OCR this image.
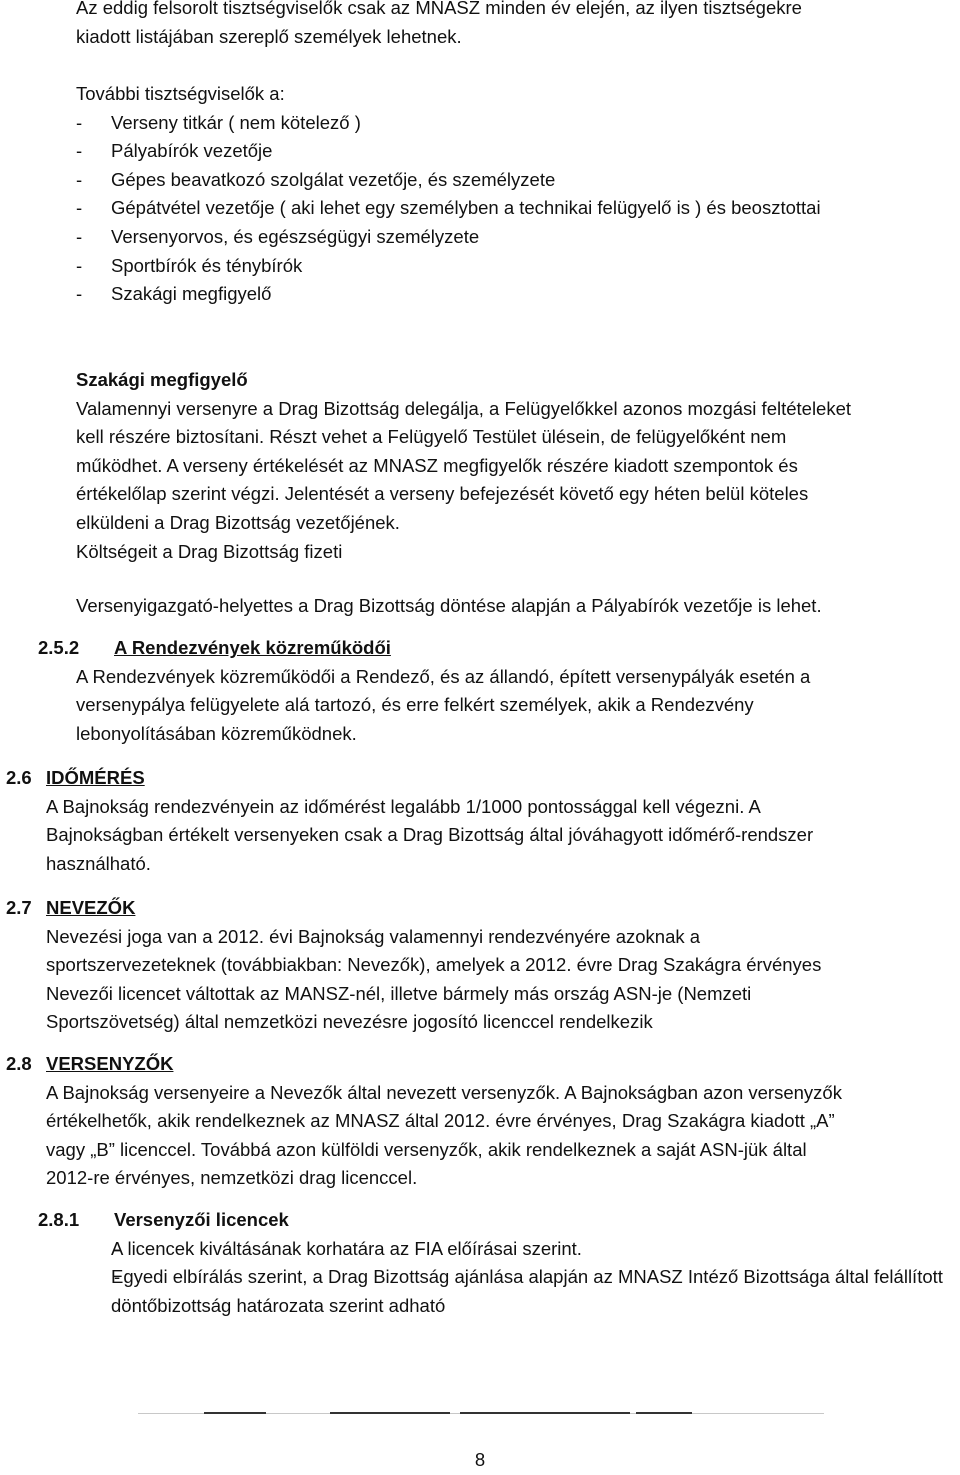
Az eddig felsorolt tisztségviselők csak az MNASZ minden év elején, az ilyen tisztségekre

kiadott listájában szereplő személyek lehetnek.

További tisztségviselők a:

- Verseny titkár ( nem kötelező )
- Pályabírók vezetője
- Gépes beavatkozó szolgálat vezetője, és személyzete
- Gépátvétel vezetője ( aki lehet egy személyben a technikai felügyelő is ) és beosztottai
- Versenyorvos, és egészségügyi személyzete
- Sportbírók és ténybírók
- Szakági megfigyelő

Szakági megfigyelő

Valamennyi versenyre a Drag Bizottság delegálja, a Felügyelőkkel azonos mozgási feltételeket

kell részére biztosítani. Részt vehet a Felügyelő Testület ülésein, de felügyelőként nem

működhet. A verseny értékelését az MNASZ megfigyelők részére kiadott szempontok és

értékelőlap szerint végzi. Jelentését a verseny befejezését követő egy héten belül köteles

elküldeni a Drag Bizottság vezetőjének.

Költségeit a Drag Bizottság fizeti

Versenyigazgató-helyettes a Drag Bizottság döntése alapján a Pályabírók vezetője is lehet.

2.5.2	A Rendezvények közreműködői

A Rendezvények közreműködői a Rendező, és az állandó, épített versenypályák esetén a

versenypálya felügyelete alá tartozó, és erre felkért személyek, akik a Rendezvény

lebonyolításában közreműködnek.

2.6 IDŐMÉRÉS

A Bajnokság rendezvényein az időmérést legalább 1/1000 pontossággal kell végezni. A

Bajnokságban értékelt versenyeken csak a Drag Bizottság által jóváhagyott időmérő-rendszer

használható.

2.7 NEVEZŐK

Nevezési joga van a 2012. évi Bajnokság valamennyi rendezvényére azoknak a

sportszervezeteknek (továbbiakban: Nevezők), amelyek a 2012. évre Drag Szakágra érvényes

Nevezői licencet váltottak az MANSZ-nél, illetve bármely más ország ASN-je (Nemzeti

Sportszövetség) által nemzetközi nevezésre jogosító licenccel rendelkezik

2.8 VERSENYZŐK

A Bajnokság versenyeire a Nevezők által nevezett versenyzők. A Bajnokságban azon versenyzők

értékelhetők, akik rendelkeznek az MNASZ által 2012. évre érvényes, Drag Szakágra kiadott „A”

vagy „B” licenccel. Továbbá azon külföldi versenyzők, akik rendelkeznek a saját ASN-jük által

2012-re érvényes, nemzetközi drag licenccel.

2.8.1	Versenyzői licencek
- A licencek kiváltásának korhatára az FIA előírásai szerint.
- Egyedi elbírálás szerint, a Drag Bizottság ajánlása alapján az MNASZ Intéző Bizottsága által felállított döntőbizottság határozata szerint adható
8
